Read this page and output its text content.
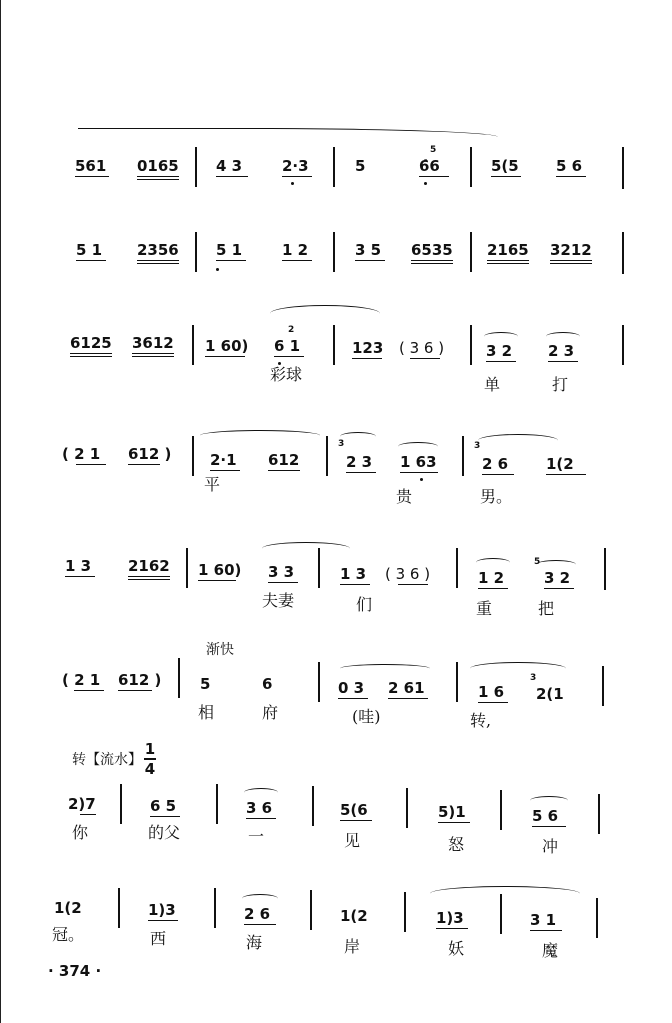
561 0165 4 3	2·3	5
5
6̇6	5(5 5 6
5 1 2356 5 1	1 2	3 5 6535 2165 3212
6125 3612 1 60)
2
6 1	123 ( 3 6 )	3 2 2 3
彩球
单	打
( 2 1 612 )	2·1 612
3
2 3 1 63
3
2 6	1(2
平
贵	男。
1 3 2162 1 60) 3 3	1 3 ( 3 6 )	1 2
5
3 2
夫妻	们	重	把
渐快
( 2 1 612 )	5	6	0 3 2 61	1 6
3
2(1
相	府	(哇)	转,
转【流水】
1
4
2)7	6 5	3 6	5(6	5)1	5 6
你	的父	一	见	怒	冲
1(2	1)3	2 6	1(2	1)3	3 1
冠。	西	海	岸	妖	魔
· 374 ·
